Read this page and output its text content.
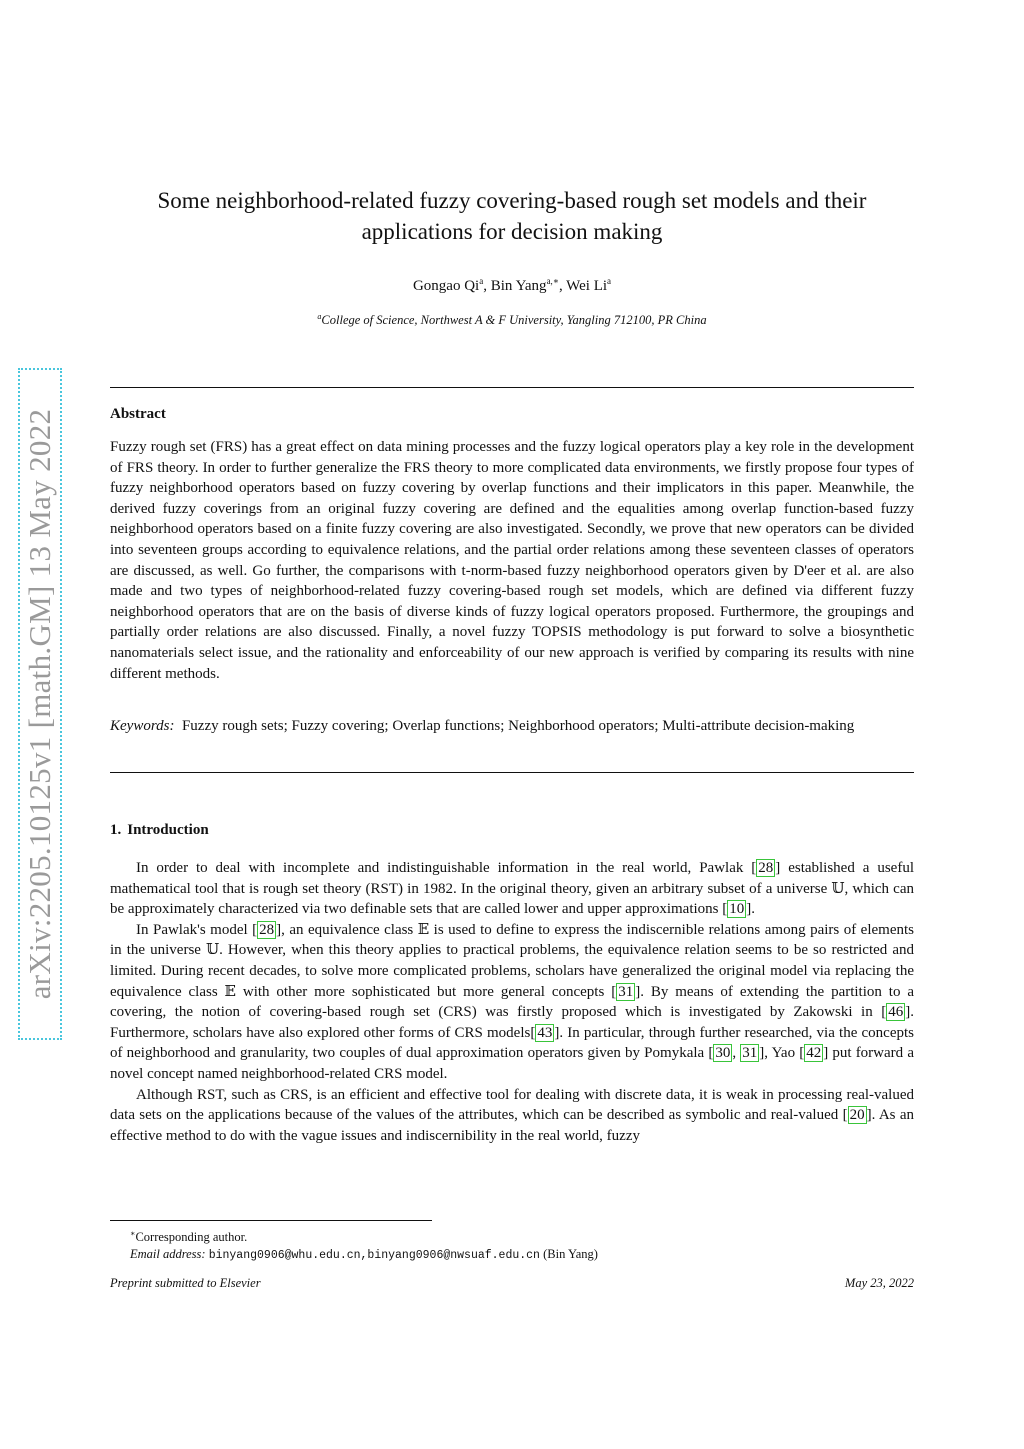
arXiv:2205.10125v1 [math.GM] 13 May 2022
Some neighborhood-related fuzzy covering-based rough set models and their applications for decision making
Gongao Qi$^a$, Bin Yang$^{a,∗}$, Wei Li$^a$
$^a$College of Science, Northwest A & F University, Yangling 712100, PR China
Abstract

Fuzzy rough set (FRS) has a great effect on data mining processes and the fuzzy logical operators play a key role in the development of FRS theory. In order to further generalize the FRS theory to more complicated data environments, we firstly propose four types of fuzzy neighborhood operators based on fuzzy covering by overlap functions and their implicators in this paper. Meanwhile, the derived fuzzy coverings from an original fuzzy covering are defined and the equalities among overlap function-based fuzzy neighborhood operators based on a finite fuzzy covering are also investigated. Secondly, we prove that new operators can be divided into seventeen groups according to equivalence relations, and the partial order relations among these seventeen classes of operators are discussed, as well. Go further, the comparisons with t-norm-based fuzzy neighborhood operators given by D'eer et al. are also made and two types of neighborhood-related fuzzy covering-based rough set models, which are defined via different fuzzy neighborhood operators that are on the basis of diverse kinds of fuzzy logical operators proposed. Furthermore, the groupings and partially order relations are also discussed. Finally, a novel fuzzy TOPSIS methodology is put forward to solve a biosynthetic nanomaterials select issue, and the rationality and enforceability of our new approach is verified by comparing its results with nine different methods.

Keywords: Fuzzy rough sets; Fuzzy covering; Overlap functions; Neighborhood operators; Multi-attribute decision-making

1. Introduction

In order to deal with incomplete and indistinguishable information in the real world, Pawlak [ 28 ] established a useful mathematical tool that is rough set theory (RST) in 1982. In the original theory, given an arbitrary subset of a universe 𝕌, which can be approximately characterized via two definable sets that are called lower and upper approximations [ 10 ].

In Pawlak's model [ 28 ], an equivalence class 𝔼 is used to define to express the indiscernible relations among pairs of elements in the universe 𝕌. However, when this theory applies to practical problems, the equivalence relation seems to be so restricted and limited. During recent decades, to solve more complicated problems, scholars have generalized the original model via replacing the equivalence class 𝔼 with other more sophisticated but more general concepts [ 31 ]. By means of extending the partition to a covering, the notion of covering-based rough set (CRS) was firstly proposed which is investigated by Zakowski in [ 46 ]. Furthermore, scholars have also explored other forms of CRS models[ 43 ]. In particular, through further researched, via the concepts of neighborhood and granularity, two couples of dual approximation operators given by Pomykala [ 30 , 31 ], Yao [ 42 ] put forward a novel concept named neighborhood-related CRS model.

Although RST, such as CRS, is an efficient and effective tool for dealing with discrete data, it is weak in processing real-valued data sets on the applications because of the values of the attributes, which can be described as symbolic and real-valued [ 20 ]. As an effective method to do with the vague issues and indiscernibility in the real world, fuzzy

∗Corresponding author.
Email address: binyang0906@whu.edu.cn,binyang0906@nwsuaf.edu.cn (Bin Yang)
Preprint submitted to Elsevier	May 23, 2022
